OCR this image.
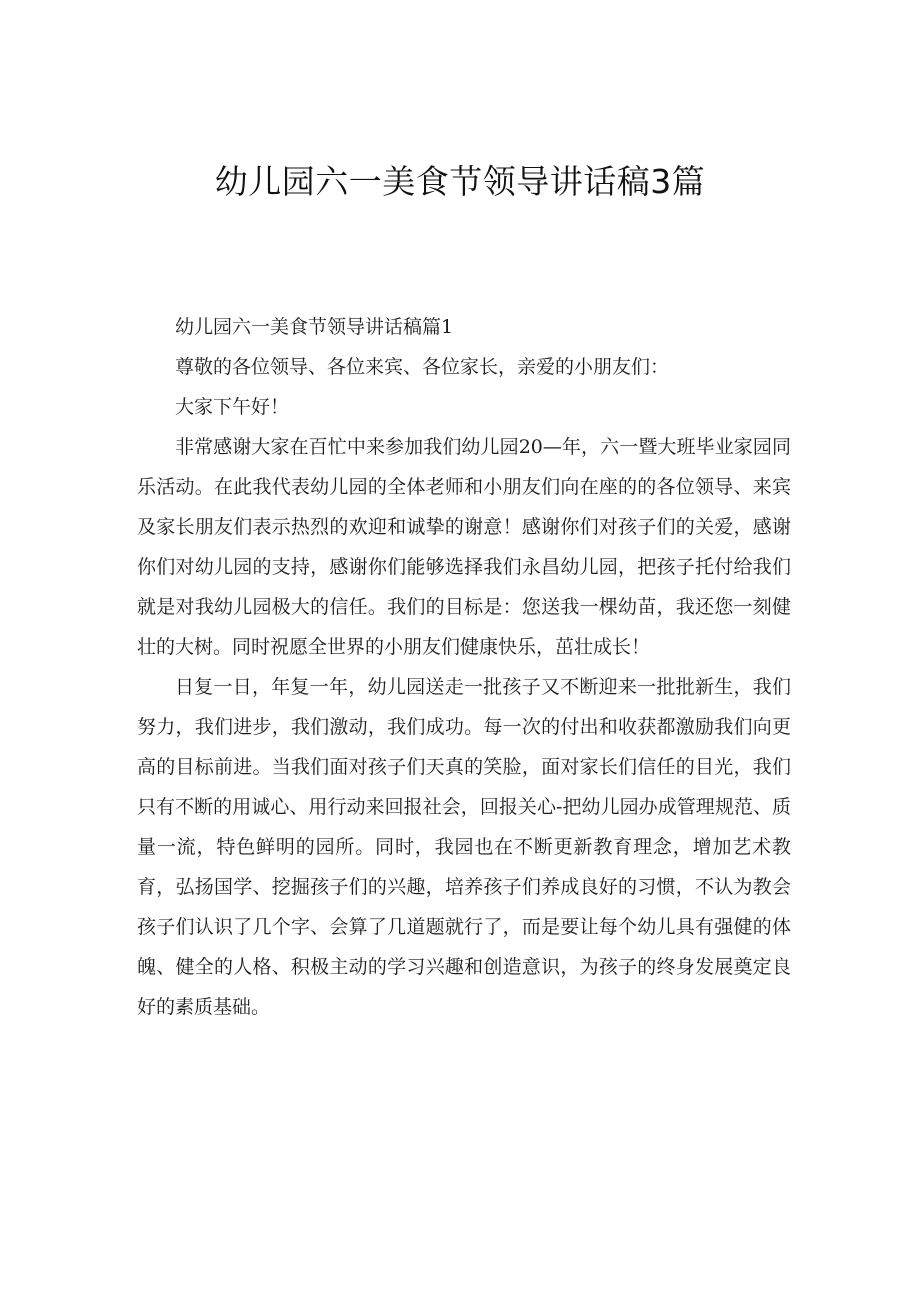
幼儿园六一美食节领导讲话稿3篇

幼儿园六一美食节领导讲话稿篇1

尊敬的各位领导、各位来宾、各位家长，亲爱的小朋友们：

大家下午好！

非常感谢大家在百忙中来参加我们幼儿园20—年，六一暨大班毕业家园同乐活动。在此我代表幼儿园的全体老师和小朋友们向在座的的各位领导、来宾及家长朋友们表示热烈的欢迎和诚挚的谢意！感谢你们对孩子们的关爱，感谢你们对幼儿园的支持，感谢你们能够选择我们永昌幼儿园，把孩子托付给我们就是对我幼儿园极大的信任。我们的目标是：您送我一棵幼苗，我还您一刻健壮的大树。同时祝愿全世界的小朋友们健康快乐，茁壮成长！

日复一日，年复一年，幼儿园送走一批孩子又不断迎来一批批新生，我们努力，我们进步，我们激动，我们成功。每一次的付出和收获都激励我们向更高的目标前进。当我们面对孩子们天真的笑脸，面对家长们信任的目光，我们只有不断的用诚心、用行动来回报社会，回报关心-把幼儿园办成管理规范、质量一流，特色鲜明的园所。同时，我园也在不断更新教育理念，增加艺术教育，弘扬国学、挖掘孩子们的兴趣，培养孩子们养成良好的习惯，不认为教会孩子们认识了几个字、会算了几道题就行了，而是要让每个幼儿具有强健的体魄、健全的人格、积极主动的学习兴趣和创造意识，为孩子的终身发展奠定良好的素质基础。
